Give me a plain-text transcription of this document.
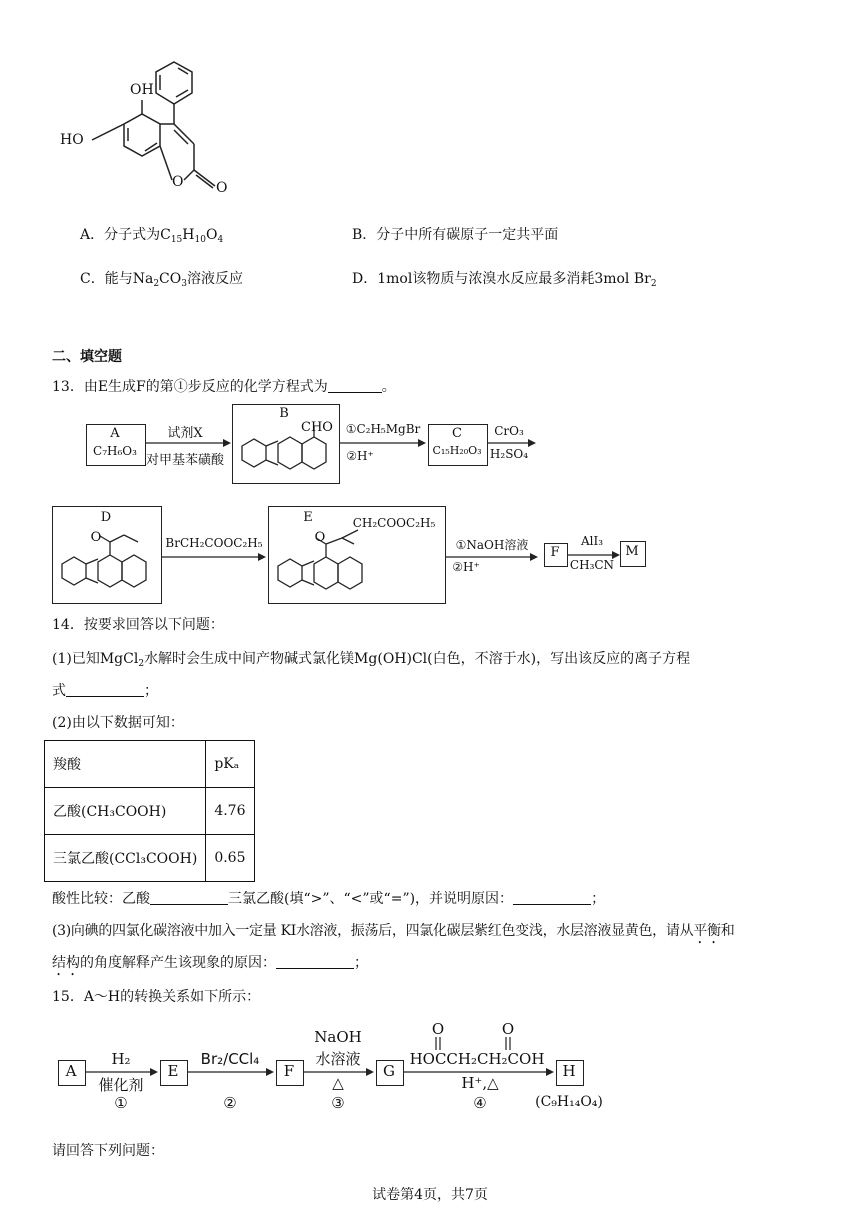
OH
HO
O O
A．分子式为$C_{15}H_{10}O_4$	B．分子中所有碳原子一定共平面
C．能与$Na_2CO_3$溶液反应	D．1mol该物质与浓溴水反应最多消耗3mol $Br_2$
二、填空题
13．由E生成F的第①步反应的化学方程式为	。
A
C₇H₆O₃
试剂X
对甲基苯磺酸
B
CHO	①C₂H₅MgBr
②H⁺
C
C₁₅H₂₀O₃
CrO₃
H₂SO₄
D
O	BrCH₂COOC₂H₅
E	CH₂COOC₂H₅
O	①NaOH溶液
②H⁺
F
AlI₃
CH₃CN
M
14．按要求回答以下问题：
(1)已知MgCl$_2$水解时会生成中间产物碱式氯化镁Mg(OH)Cl(白色，不溶于水)，写出该反应的离子方程
式	；
(2)由以下数据可知：
羧酸	pKₐ
乙酸(CH₃COOH)	4.76
三氯乙酸(CCl₃COOH)	0.65
酸性比较：乙酸	三氯乙酸(填“>”、“<”或“=”)，并说明原因：	；
(3)向碘的四氯化碳溶液中加入一定量 KI水溶液，振荡后，四氯化碳层紫红色变浅，水层溶液显黄色，请从平衡和
结构的角度解释产生该现象的原因：	；
15．A～H的转换关系如下所示：
A
H₂
催化剂
①
E
Br₂/CCl₄
②
F
NaOH
水溶液
△
③
G
O	O
HOCCH₂CH₂COH
H⁺,△
④
H
(C₉H₁₄O₄)
请回答下列问题：
试卷第4页，共7页
